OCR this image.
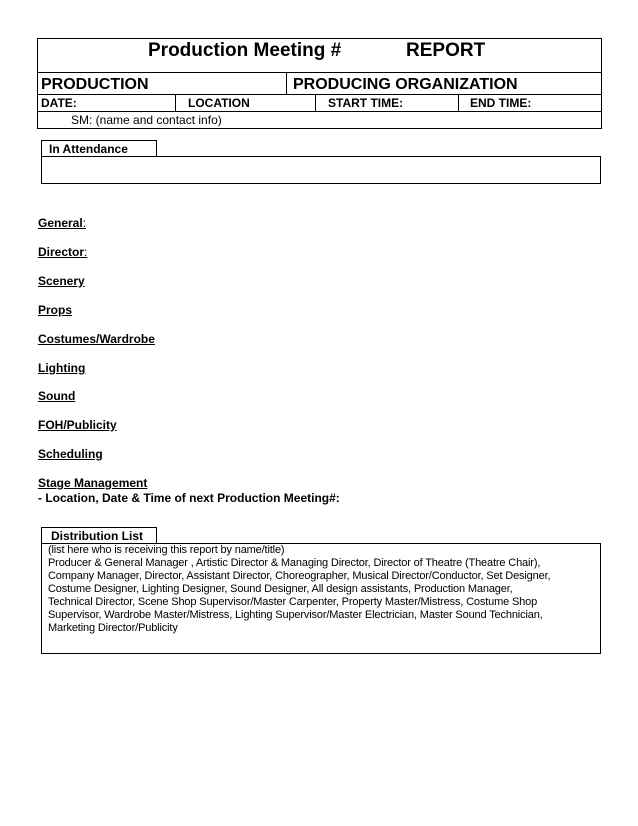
Production Meeting #	REPORT
PRODUCTION	PRODUCING ORGANIZATION
DATE:	LOCATION	START TIME:	END TIME:
SM: (name and contact info)
In Attendance
General:
Director:
Scenery
Props
Costumes/Wardrobe
Lighting
Sound
FOH/Publicity
Scheduling
Stage Management
- Location, Date & Time of next Production Meeting#:
Distribution List
(list here who is receiving this report by name/title)
Producer & General Manager , Artistic Director & Managing Director, Director of Theatre (Theatre Chair),
Company Manager, Director, Assistant Director, Choreographer, Musical Director/Conductor, Set Designer,
Costume Designer, Lighting Designer, Sound Designer, All design assistants, Production Manager,
Technical Director, Scene Shop Supervisor/Master Carpenter, Property Master/Mistress, Costume Shop
Supervisor, Wardrobe Master/Mistress, Lighting Supervisor/Master Electrician, Master Sound Technician,
Marketing Director/Publicity
